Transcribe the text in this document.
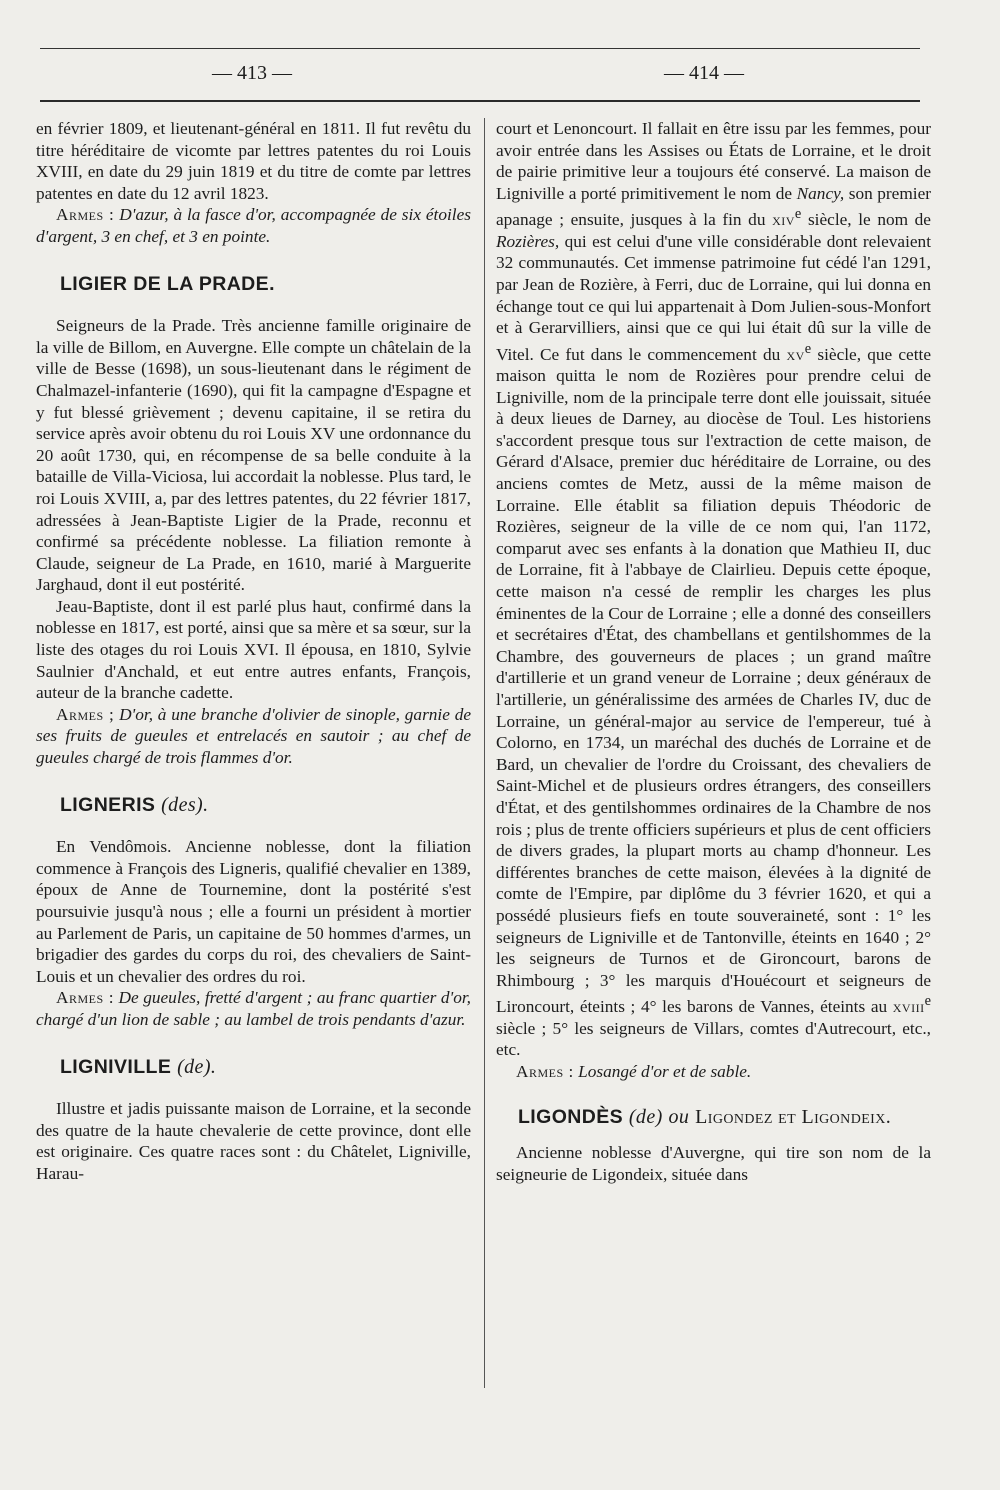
— 413 —	— 414 —

en février 1809, et lieutenant-général en 1811. Il fut revêtu du titre héréditaire de vicomte par lettres patentes du roi Louis XVIII, en date du 29 juin 1819 et du titre de comte par lettres patentes en date du 12 avril 1823.

Armes : D'azur, à la fasce d'or, accompagnée de six étoiles d'argent, 3 en chef, et 3 en pointe.

LIGIER DE LA PRADE.

Seigneurs de la Prade. Très ancienne famille originaire de la ville de Billom, en Auvergne. Elle compte un châtelain de la ville de Besse (1698), un sous-lieutenant dans le régiment de Chalmazel-infanterie (1690), qui fit la campagne d'Espagne et y fut blessé grièvement ; devenu capitaine, il se retira du service après avoir obtenu du roi Louis XV une ordonnance du 20 août 1730, qui, en récompense de sa belle conduite à la bataille de Villa-Viciosa, lui accordait la noblesse. Plus tard, le roi Louis XVIII, a, par des lettres patentes, du 22 février 1817, adressées à Jean-Baptiste Ligier de la Prade, reconnu et confirmé sa précédente noblesse. La filiation remonte à Claude, seigneur de La Prade, en 1610, marié à Marguerite Jarghaud, dont il eut postérité.

Jeau-Baptiste, dont il est parlé plus haut, confirmé dans la noblesse en 1817, est porté, ainsi que sa mère et sa sœur, sur la liste des otages du roi Louis XVI. Il épousa, en 1810, Sylvie Saulnier d'Anchald, et eut entre autres enfants, François, auteur de la branche cadette.

Armes ; D'or, à une branche d'olivier de sinople, garnie de ses fruits de gueules et entrelacés en sautoir ; au chef de gueules chargé de trois flammes d'or.

LIGNERIS (des).

En Vendômois. Ancienne noblesse, dont la filiation commence à François des Ligneris, qualifié chevalier en 1389, époux de Anne de Tournemine, dont la postérité s'est poursuivie jusqu'à nous ; elle a fourni un président à mortier au Parlement de Paris, un capitaine de 50 hommes d'armes, un brigadier des gardes du corps du roi, des chevaliers de Saint-Louis et un chevalier des ordres du roi.

Armes : De gueules, fretté d'argent ; au franc quartier d'or, chargé d'un lion de sable ; au lambel de trois pendants d'azur.

LIGNIVILLE (de).

Illustre et jadis puissante maison de Lorraine, et la seconde des quatre de la haute chevalerie de cette province, dont elle est originaire. Ces quatre races sont : du Châtelet, Ligniville, Harau-

court et Lenoncourt. Il fallait en être issu par les femmes, pour avoir entrée dans les Assises ou États de Lorraine, et le droit de pairie primitive leur a toujours été conservé. La maison de Ligniville a porté primitivement le nom de Nancy, son premier apanage ; ensuite, jusques à la fin du xiv$^e$ siècle, le nom de Rozières, qui est celui d'une ville considérable dont relevaient 32 communautés. Cet immense patrimoine fut cédé l'an 1291, par Jean de Rozière, à Ferri, duc de Lorraine, qui lui donna en échange tout ce qui lui appartenait à Dom Julien-sous-Monfort et à Gerarvilliers, ainsi que ce qui lui était dû sur la ville de Vitel. Ce fut dans le commencement du $xv^e$ siècle, que cette maison quitta le nom de Rozières pour prendre celui de Ligniville, nom de la principale terre dont elle jouissait, située à deux lieues de Darney, au diocèse de Toul. Les historiens s'accordent presque tous sur l'extraction de cette maison, de Gérard d'Alsace, premier duc héréditaire de Lorraine, ou des anciens comtes de Metz, aussi de la même maison de Lorraine. Elle établit sa filiation depuis Théodoric de Rozières, seigneur de la ville de ce nom qui, l'an 1172, comparut avec ses enfants à la donation que Mathieu II, duc de Lorraine, fit à l'abbaye de Clairlieu. Depuis cette époque, cette maison n'a cessé de remplir les charges les plus éminentes de la Cour de Lorraine ; elle a donné des conseillers et secrétaires d'État, des chambellans et gentilshommes de la Chambre, des gouverneurs de places ; un grand maître d'artillerie et un grand veneur de Lorraine ; deux généraux de l'artillerie, un généralissime des armées de Charles IV, duc de Lorraine, un général-major au service de l'empereur, tué à Colorno, en 1734, un maréchal des duchés de Lorraine et de Bard, un chevalier de l'ordre du Croissant, des chevaliers de Saint-Michel et de plusieurs ordres étrangers, des conseillers d'État, et des gentilshommes ordinaires de la Chambre de nos rois ; plus de trente officiers supérieurs et plus de cent officiers de divers grades, la plupart morts au champ d'honneur. Les différentes branches de cette maison, élevées à la dignité de comte de l'Empire, par diplôme du 3 février 1620, et qui a possédé plusieurs fiefs en toute souveraineté, sont : 1° les seigneurs de Ligniville et de Tantonville, éteints en 1640 ; 2° les seigneurs de Turnos et de Gironcourt, barons de Rhimbourg ; 3° les marquis d'Houécourt et seigneurs de Lironcourt, éteints ; 4° les barons de Vannes, éteints au xviii$^e$ siècle ; 5° les seigneurs de Villars, comtes d'Autrecourt, etc., etc.

Armes : Losangé d'or et de sable.

LIGONDÈS (de) ou Ligondez et Ligondeix.

Ancienne noblesse d'Auvergne, qui tire son nom de la seigneurie de Ligondeix, située dans
